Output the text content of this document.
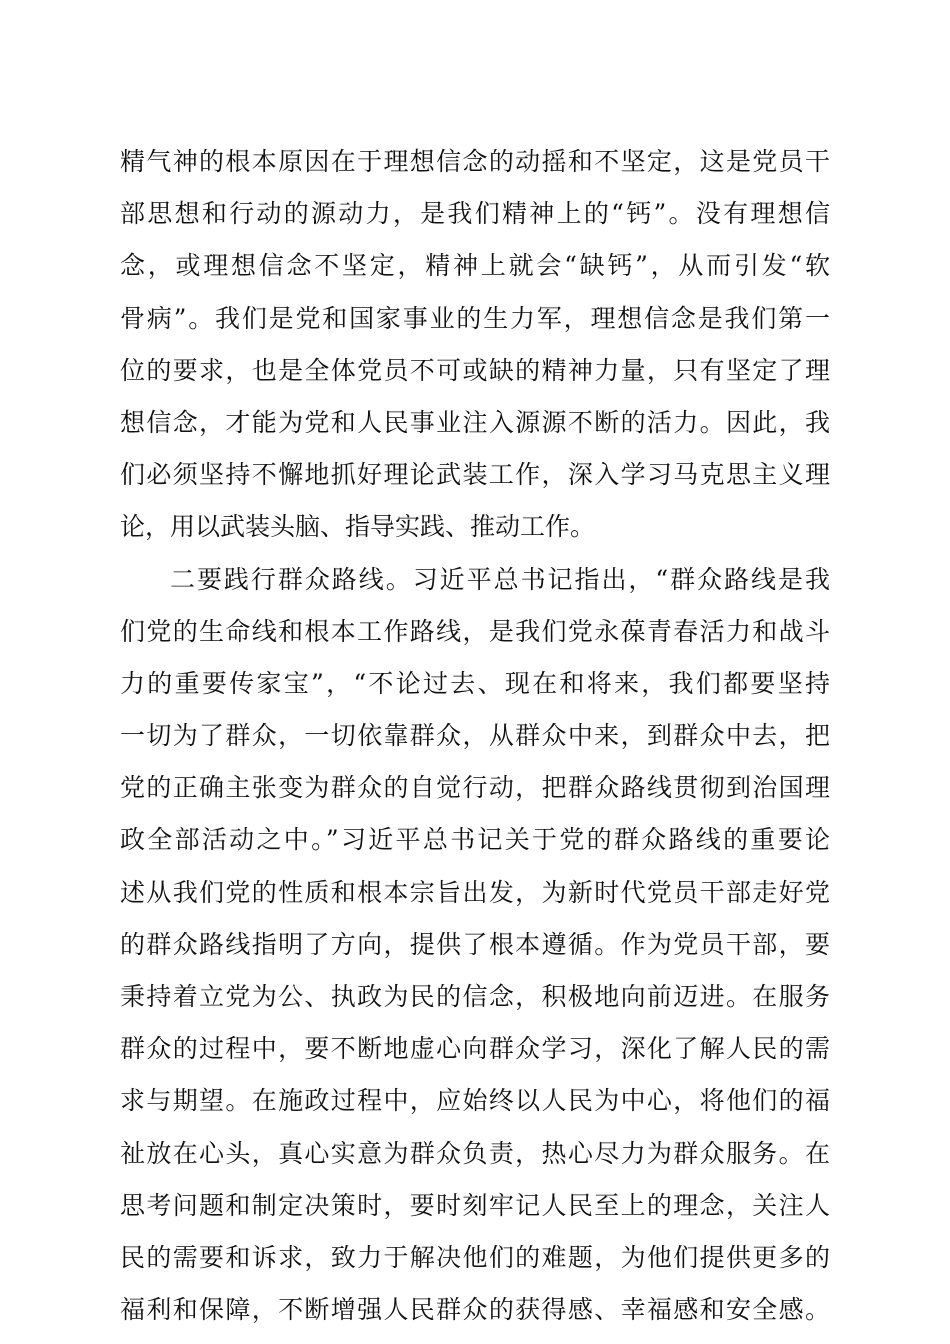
精气神的根本原因在于理想信念的动摇和不坚定，这是党员干
部思想和行动的源动力，是我们精神上的“钙”。没有理想信
念，或理想信念不坚定，精神上就会“缺钙”，从而引发“软
骨病”。我们是党和国家事业的生力军，理想信念是我们第一
位的要求，也是全体党员不可或缺的精神力量，只有坚定了理
想信念，才能为党和人民事业注入源源不断的活力。因此，我
们必须坚持不懈地抓好理论武装工作，深入学习马克思主义理
论，用以武装头脑、指导实践、推动工作。
二要践行群众路线。习近平总书记指出，“群众路线是我
们党的生命线和根本工作路线，是我们党永葆青春活力和战斗
力的重要传家宝”，“不论过去、现在和将来，我们都要坚持
一切为了群众，一切依靠群众，从群众中来，到群众中去，把
党的正确主张变为群众的自觉行动，把群众路线贯彻到治国理
政全部活动之中。”习近平总书记关于党的群众路线的重要论
述从我们党的性质和根本宗旨出发，为新时代党员干部走好党
的群众路线指明了方向，提供了根本遵循。作为党员干部，要
秉持着立党为公、执政为民的信念，积极地向前迈进。在服务
群众的过程中，要不断地虚心向群众学习，深化了解人民的需
求与期望。在施政过程中，应始终以人民为中心，将他们的福
祉放在心头，真心实意为群众负责，热心尽力为群众服务。在
思考问题和制定决策时，要时刻牢记人民至上的理念，关注人
民的需要和诉求，致力于解决他们的难题，为他们提供更多的
福利和保障，不断增强人民群众的获得感、幸福感和安全感。
